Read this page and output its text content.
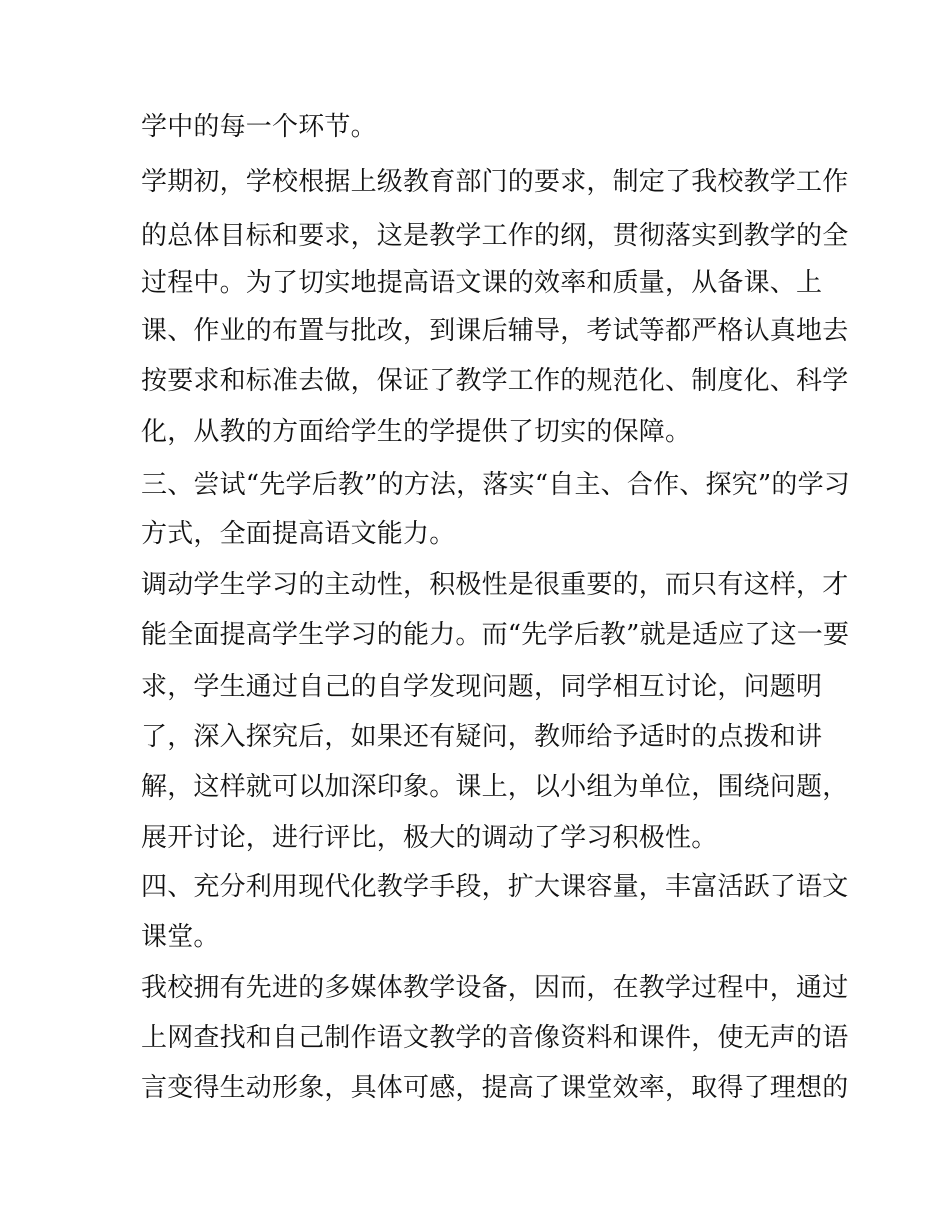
学中的每一个环节。
学期初，学校根据上级教育部门的要求，制定了我校教学工作
的总体目标和要求，这是教学工作的纲，贯彻落实到教学的全
过程中。为了切实地提高语文课的效率和质量，从备课、上
课、作业的布置与批改，到课后辅导，考试等都严格认真地去
按要求和标准去做，保证了教学工作的规范化、制度化、科学
化，从教的方面给学生的学提供了切实的保障。
三、尝试“先学后教”的方法，落实“自主、合作、探究”的学习
方式，全面提高语文能力。
调动学生学习的主动性，积极性是很重要的，而只有这样，才
能全面提高学生学习的能力。而“先学后教”就是适应了这一要
求，学生通过自己的自学发现问题，同学相互讨论，问题明
了，深入探究后，如果还有疑问，教师给予适时的点拨和讲
解，这样就可以加深印象。课上，以小组为单位，围绕问题，
展开讨论，进行评比，极大的调动了学习积极性。
四、充分利用现代化教学手段，扩大课容量，丰富活跃了语文
课堂。
我校拥有先进的多媒体教学设备，因而，在教学过程中，通过
上网查找和自己制作语文教学的音像资料和课件，使无声的语
言变得生动形象，具体可感，提高了课堂效率，取得了理想的
